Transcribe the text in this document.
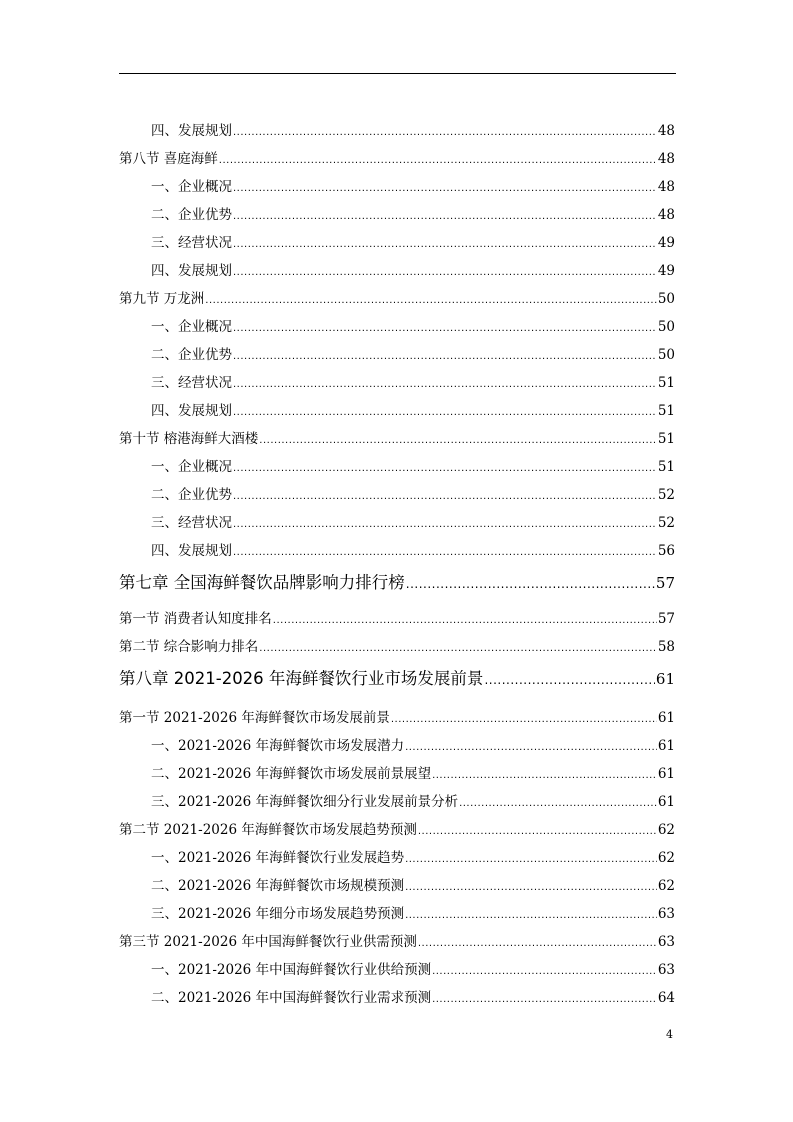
四、发展规划 .....	48
第八节 喜庭海鲜 .....	48
一、企业概况 .....	48
二、企业优势 .....	48
三、经营状况 .....	49
四、发展规划 .....	49
第九节 万龙洲 .....	50
一、企业概况 .....	50
二、企业优势 .....	50
三、经营状况 .....	51
四、发展规划 .....	51
第十节 榕港海鲜大酒楼 .....	51
一、企业概况 .....	51
二、企业优势 .....	52
三、经营状况 .....	52
四、发展规划 .....	56
第七章 全国海鲜餐饮品牌影响力排行榜 .....	57
第一节 消费者认知度排名 .....	57
第二节 综合影响力排名 .....	58
第八章 2021-2026 年海鲜餐饮行业市场发展前景 .....	61
第一节 2021-2026 年海鲜餐饮市场发展前景 .....	61
一、2021-2026 年海鲜餐饮市场发展潜力 .....	61
二、2021-2026 年海鲜餐饮市场发展前景展望 .....	61
三、2021-2026 年海鲜餐饮细分行业发展前景分析 .....	61
第二节 2021-2026 年海鲜餐饮市场发展趋势预测 .....	62
一、2021-2026 年海鲜餐饮行业发展趋势 .....	62
二、2021-2026 年海鲜餐饮市场规模预测 .....	62
三、2021-2026 年细分市场发展趋势预测 .....	63
第三节 2021-2026 年中国海鲜餐饮行业供需预测 .....	63
一、2021-2026 年中国海鲜餐饮行业供给预测 .....	63
二、2021-2026 年中国海鲜餐饮行业需求预测 .....	64
4
